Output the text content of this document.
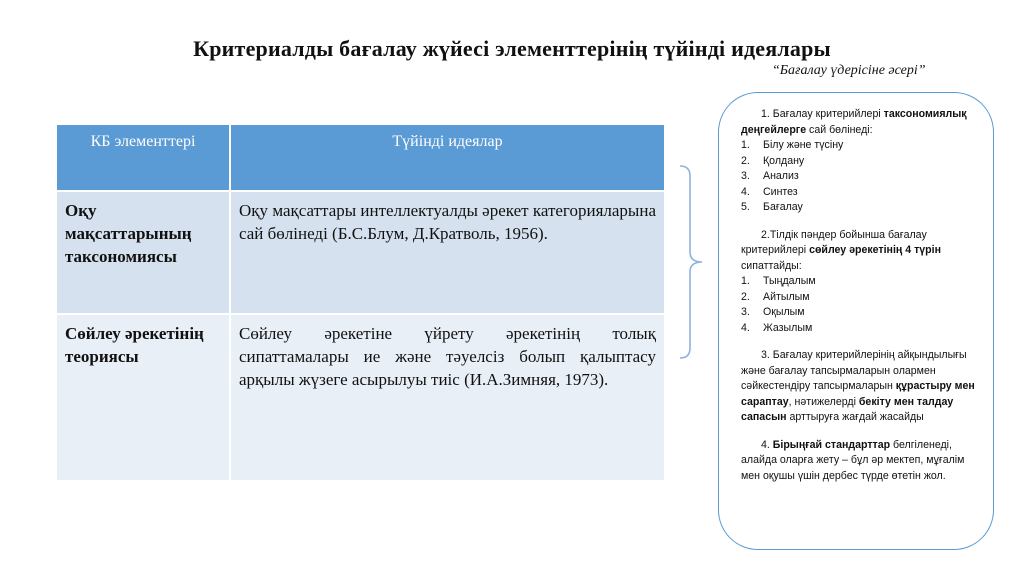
Критериалды бағалау жүйесі элементтерінің түйінді идеялары
“Бағалау үдерісіне әсері”
КБ элементтері	Түйінді идеялар
Оқу мақсаттарының таксономиясы	Оқу мақсаттары интеллектуалды әрекет категорияларына сай бөлінеді (Б.С.Блум, Д.Кратволь, 1956).
Сөйлеу әрекетінің теориясы	Сөйлеу әрекетіне үйрету әрекетінің толық сипаттамалары ие және тәуелсіз болып қалыптасу арқылы жүзеге асырылуы тиіс (И.А.Зимняя, 1973).
1. Бағалау критерийлері таксономиялық деңгейлерге сай бөлінеді:
1.	Білу және түсіну
2.	Қолдану
3.	Анализ
4.	Синтез
5.	Бағалау
2.Тілдік пәндер бойынша бағалау критерийлері сөйлеу әрекетінің 4 түрін сипаттайды:
1.	Тыңдалым
2.	Айтылым
3.	Оқылым
4.	Жазылым
3. Бағалау критерийлерінің айқындылығы және бағалау тапсырмаларын олармен сәйкестендіру тапсырмаларын құрастыру мен сараптау, нәтижелерді бекіту мен талдау сапасын арттыруға жағдай жасайды
4. Бірыңғай стандарттар белгіленеді, алайда оларға жету – бұл әр мектеп, мұғалім мен оқушы үшін дербес түрде өтетін жол.
